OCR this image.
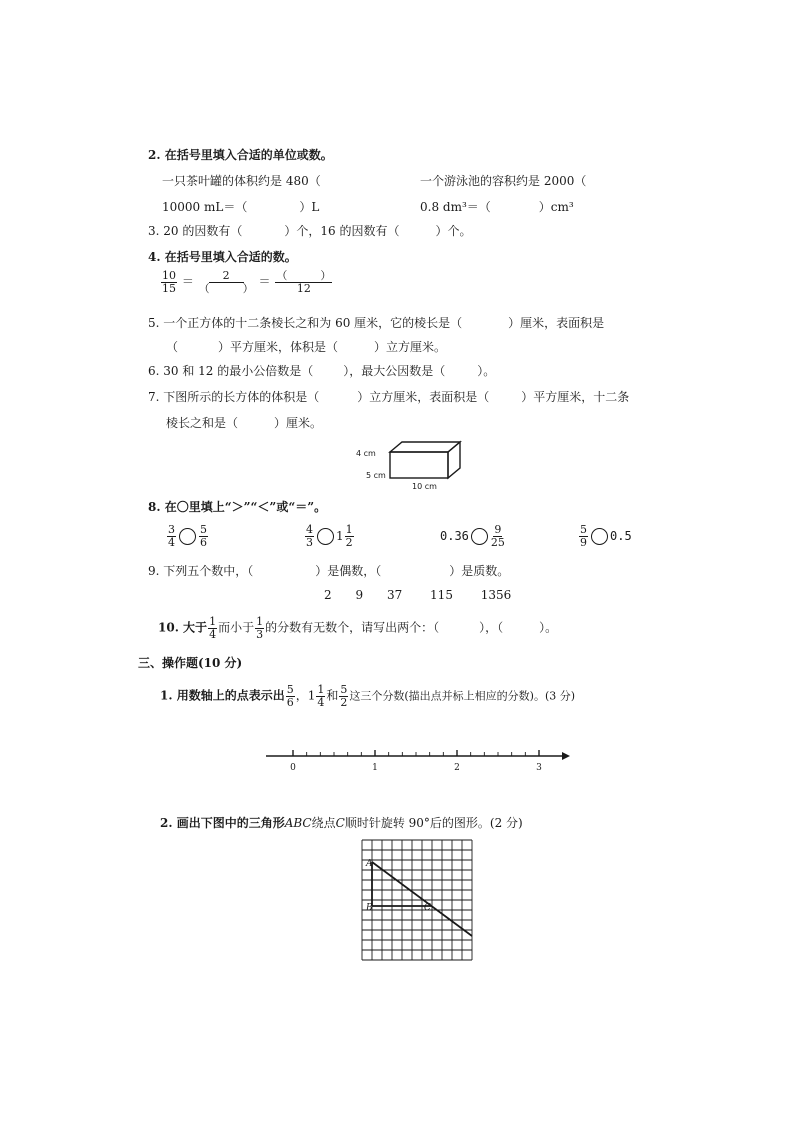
2. 在括号里填入合适的单位或数。
一只茶叶罐的体积约是 480（	一个游泳池的容积约是 2000（
10000 mL＝（	）L	0.8 dm³＝（	）cm³
3. 20 的因数有（	）个，16 的因数有（	）个。
4. 在括号里填入合适的数。
$\frac{10}{15} = \frac{2}{( )} = \frac{( )}{12}$
5. 一个正方体的十二条棱长之和为 60 厘米，它的棱长是（	）厘米，表面积是
（	）平方厘米，体积是（	）立方厘米。
6. 30 和 12 的最小公倍数是（	），最大公因数是（	）。
7. 下图所示的长方体的体积是（	）立方厘米，表面积是（	）平方厘米，十二条
棱长之和是（	）厘米。
4 cm
5 cm
10 cm
8. 在〇里填上“＞”“＜”或“＝”。
$\frac{3}{4} \frac{5}{6}$	$\frac{4}{3} 1 \frac{1}{2}$	$0.36 \frac{9}{25}$	$\frac{5}{9} 0.5$
9. 下列五个数中，（	）是偶数，（	）是质数。
2 9 37 115 1356
10. 大于 $\frac{1}{4}$ 而小于 $\frac{1}{3}$ 的分数有无数个，请写出两个：（	），（	）。
三、操作题(10 分)
1. 用数轴上的点表示出 $\frac{5}{6}$ ，$1 \frac{1}{4}$ 和 $\frac{5}{2}$ 这三个分数(描出点并标上相应的分数)。(3 分)
0	1	2	3
2. 画出下图中的三角形ABC绕点C顺时针旋转 90°后的图形。(2 分)
A
B	C
